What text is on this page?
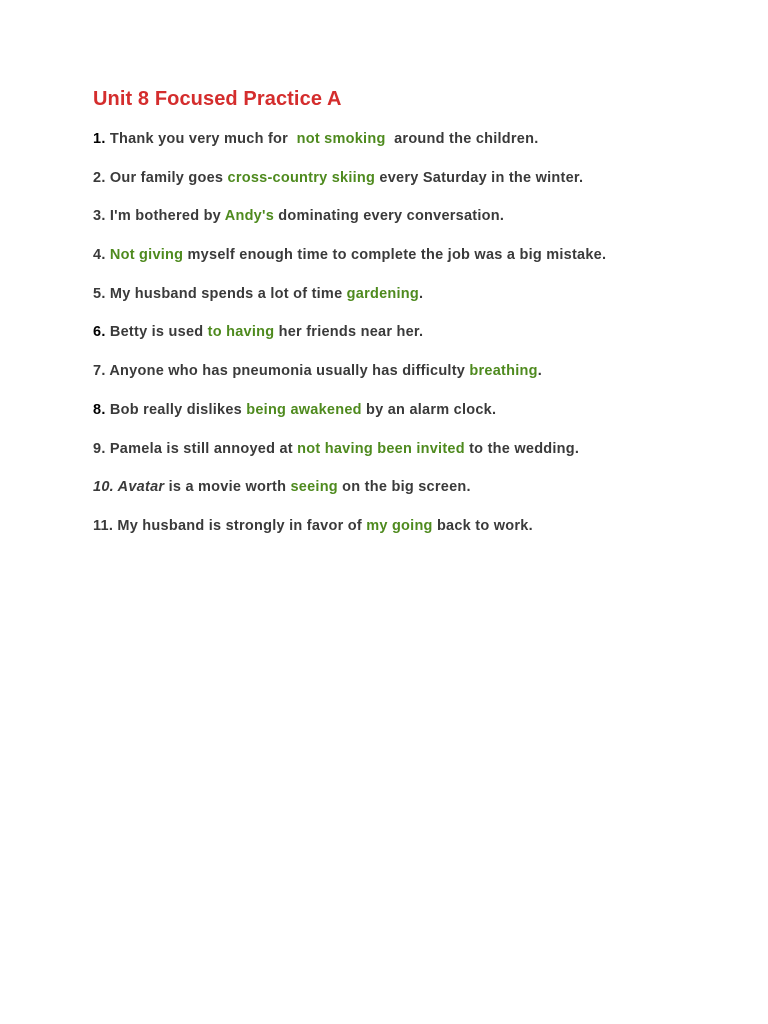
Unit 8 Focused Practice A
1. Thank you very much for  not smoking  around the children.
2. Our family goes cross-country skiing every Saturday in the winter.
3. I'm bothered by Andy's dominating every conversation.
4. Not giving myself enough time to complete the job was a big mistake.
5. My husband spends a lot of time gardening.
6. Betty is used to having her friends near her.
7. Anyone who has pneumonia usually has difficulty breathing.
8. Bob really dislikes being awakened by an alarm clock.
9. Pamela is still annoyed at not having been invited to the wedding.
10. Avatar is a movie worth seeing on the big screen.
11. My husband is strongly in favor of my going back to work.
